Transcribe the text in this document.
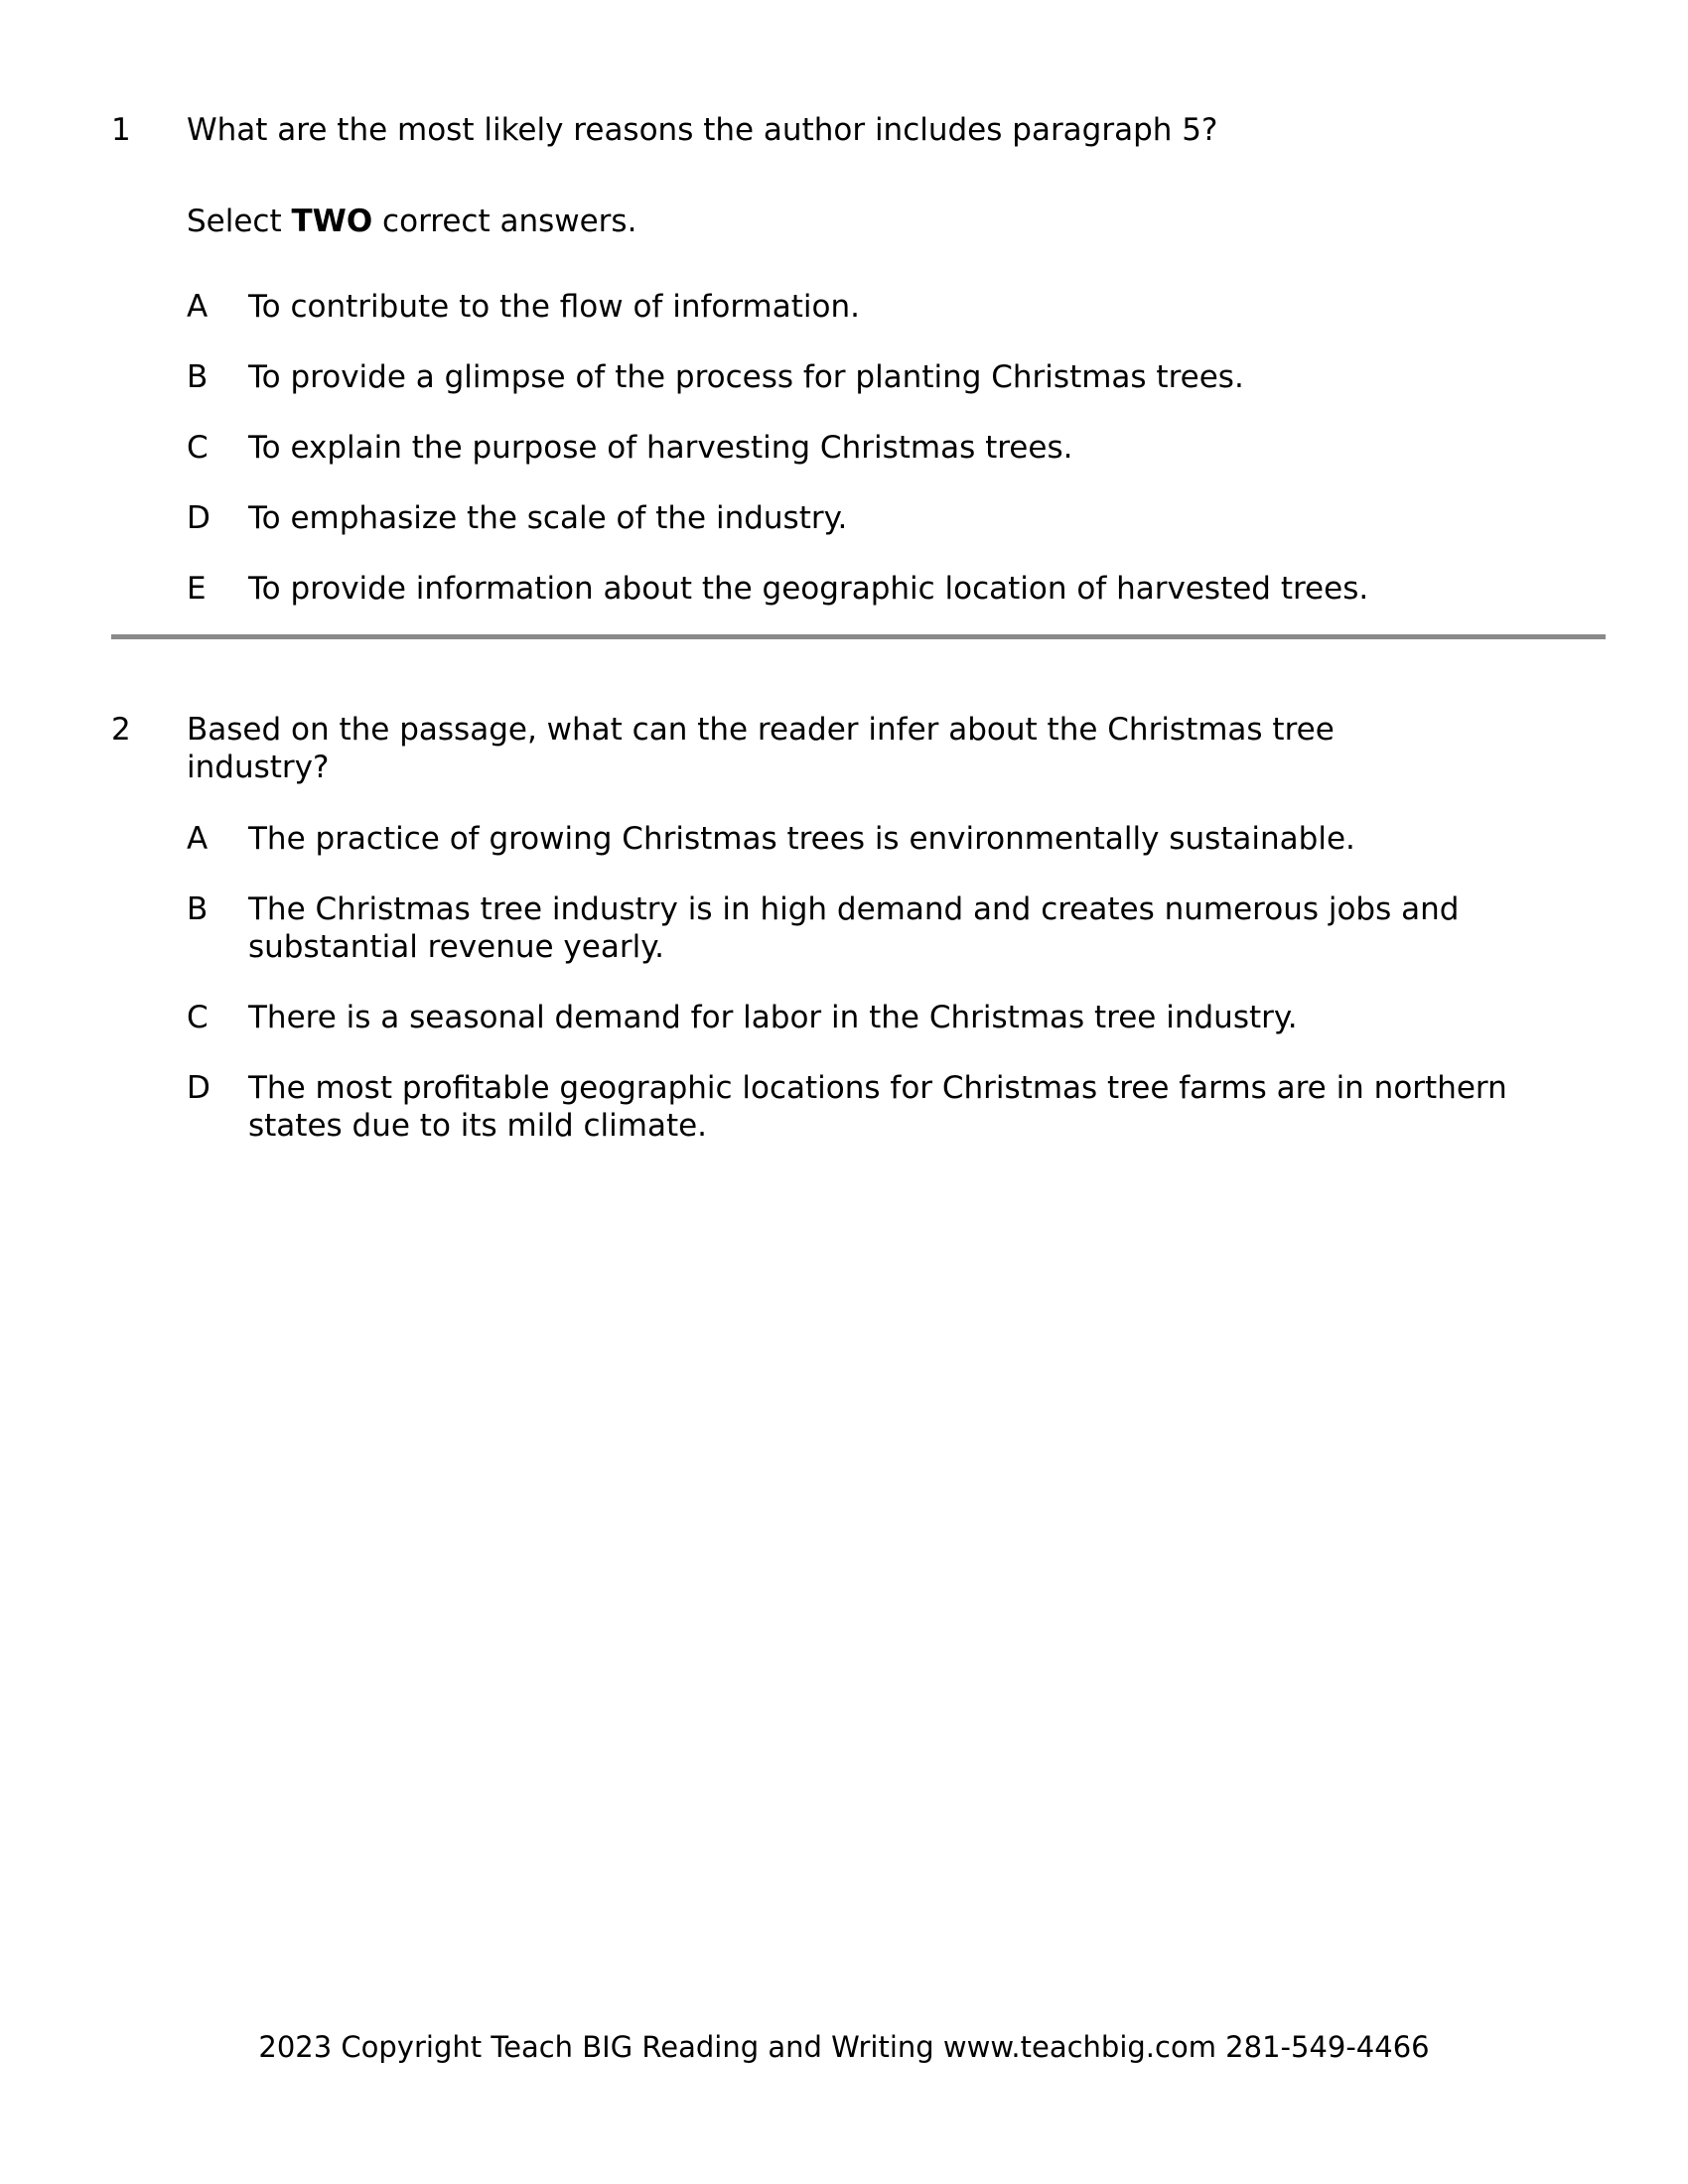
1	What are the most likely reasons the author includes paragraph 5?

Select TWO correct answers.

A	To contribute to the flow of information.
B	To provide a glimpse of the process for planting Christmas trees.
C	To explain the purpose of harvesting Christmas trees.
D	To emphasize the scale of the industry.
E	To provide information about the geographic location of harvested trees.
2	Based on the passage, what can the reader infer about the Christmas tree industry?

A	The practice of growing Christmas trees is environmentally sustainable.
B	The Christmas tree industry is in high demand and creates numerous jobs and substantial revenue yearly.
C	There is a seasonal demand for labor in the Christmas tree industry.
D	The most profitable geographic locations for Christmas tree farms are in northern states due to its mild climate.
2023 Copyright Teach BIG Reading and Writing www.teachbig.com 281-549-4466
